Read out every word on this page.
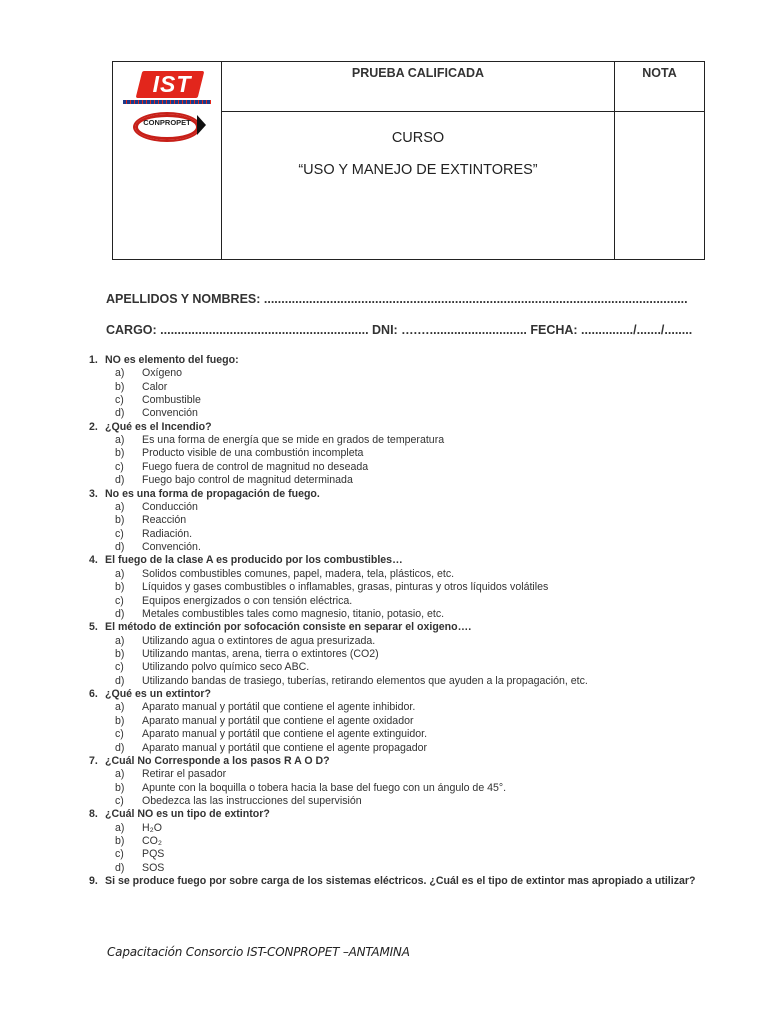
IST
CONPROPET	PRUEBA CALIFICADA	NOTA

	CURSO
“USO Y MANEJO DE EXTINTORES”	

APELLIDOS Y NOMBRES: ..........................................................................................................................
CARGO: ............................................................ DNI: ….…............................ FECHA: .............../......./........
1. NO es elemento del fuego:
a)	Oxígeno
b)	Calor
c)	Combustible
d)	Convención
2. ¿Qué es el Incendio?
a)	Es una forma de energía que se mide en grados de temperatura
b)	Producto visible de una combustión incompleta
c)	Fuego fuera de control de magnitud no deseada
d)	Fuego bajo control de magnitud determinada
3. No es una forma de propagación de fuego.
a)	Conducción
b)	Reacción
c)	Radiación.
d)	Convención.
4. El fuego de la clase A es producido por los combustibles…
a)	Solidos combustibles comunes, papel, madera, tela, plásticos, etc.
b)	Líquidos y gases combustibles o inflamables, grasas, pinturas y otros líquidos volátiles
c)	Equipos energizados o con tensión eléctrica.
d)	Metales combustibles tales como magnesio, titanio, potasio, etc.
5. El método de extinción por sofocación consiste en separar el oxigeno….
a)	Utilizando agua o extintores de agua presurizada.
b)	Utilizando mantas, arena, tierra o extintores (CO2)
c)	Utilizando polvo químico seco ABC.
d)	Utilizando bandas de trasiego, tuberías, retirando elementos que ayuden a la propagación, etc.
6. ¿Qué es un extintor?
a)	Aparato manual y portátil que contiene el agente inhibidor.
b)	Aparato manual y portátil que contiene el agente oxidador
c)	Aparato manual y portátil que contiene el agente extinguidor.
d)	Aparato manual y portátil que contiene el agente propagador
7. ¿Cuál No Corresponde a los pasos R A O D?
a)	Retirar el pasador
b)	Apunte con la boquilla o tobera hacia la base del fuego con un ángulo de 45°.
c)	Obedezca las las instrucciones del supervisión
8. ¿Cuál NO es un tipo de extintor?
a)	H₂O
b)	CO₂
c)	PQS
d)	SOS
9. Si se produce fuego por sobre carga de los sistemas eléctricos. ¿Cuál es el tipo de extintor mas apropiado a utilizar?
Capacitación Consorcio IST-CONPROPET –ANTAMINA
